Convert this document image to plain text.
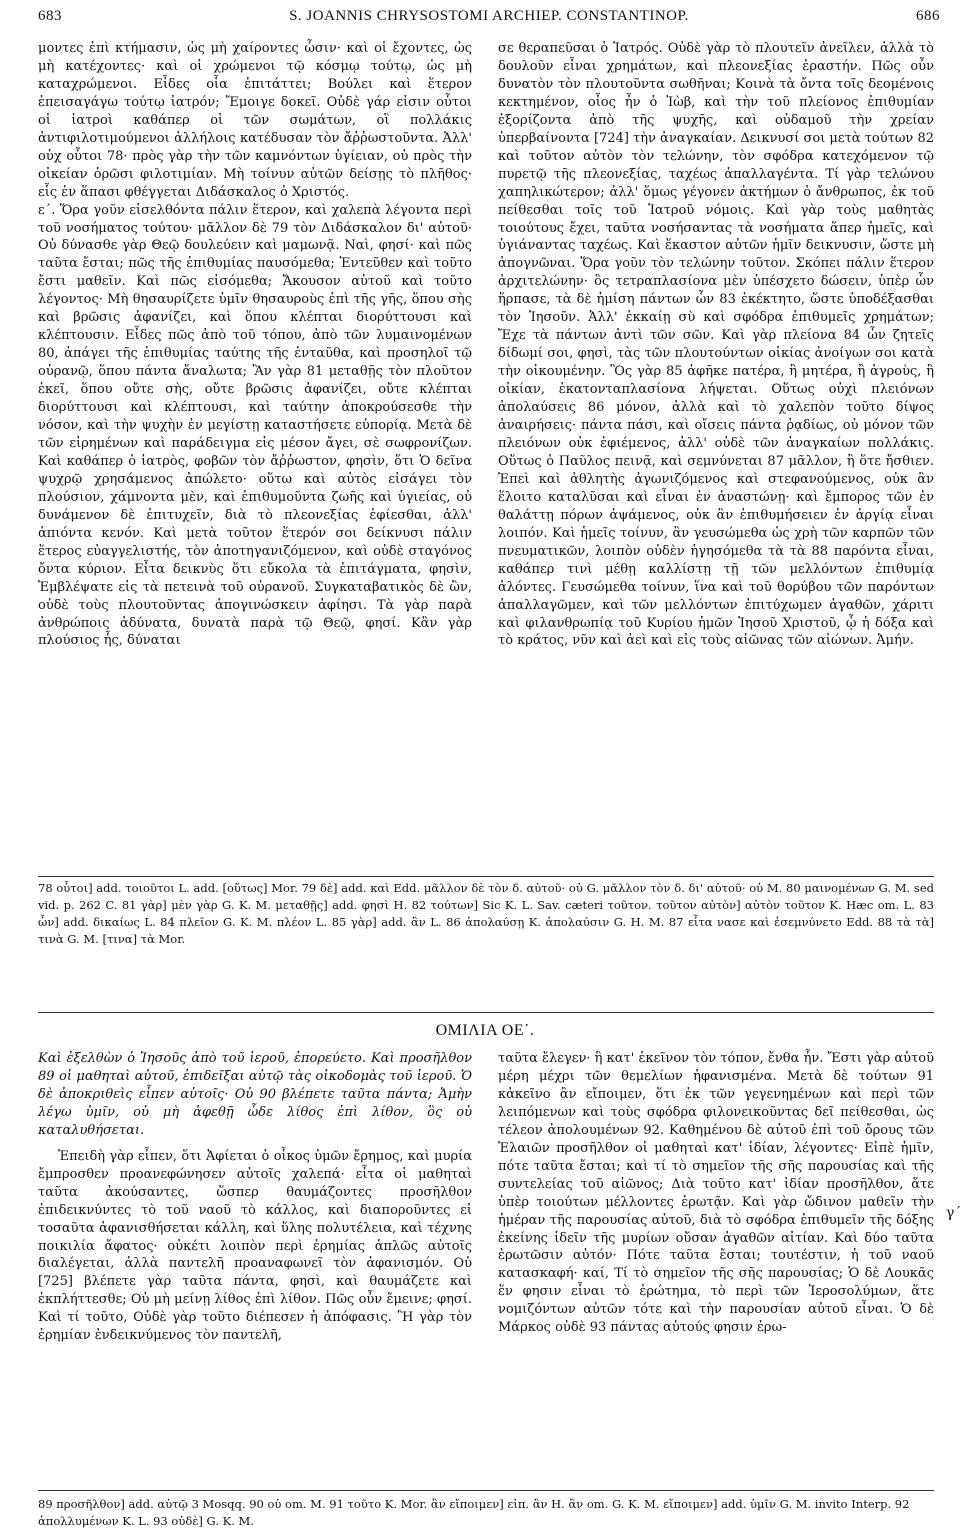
683	S. JOANNIS CHRYSOSTOMI ARCHIEP. CONSTANTINOP.	686

μοντες ἐπὶ κτήμασιν, ὡς μὴ χαίροντες ὦσιν· καὶ οἱ ἔχοντες, ὡς μὴ κατέχοντες· καὶ οἱ χρώμενοι τῷ κόσμῳ τούτῳ, ὡς μὴ καταχρώμενοι. Εἶδες οἷα ἐπιτάττει; Βούλει καὶ ἕτερον ἐπεισαγάγω τούτῳ ἰατρόν; Ἔμοιγε δοκεῖ. Οὐδὲ γάρ εἰσιν οὗτοι οἱ ἰατροὶ καθάπερ οἱ τῶν σωμάτων, οἳ πολλάκις ἀντιφιλοτιμούμενοι ἀλλήλοις κατέδυσαν τὸν ἄῤῥωστοῦντα. Ἀλλ' οὐχ οὗτοι 78· πρὸς γὰρ τὴν τῶν καμνόντων ὑγίειαν, οὐ πρὸς τὴν οἰκείαν ὁρῶσι φιλοτιμίαν. Μὴ τοίνυν αὐτῶν δείσῃς τὸ πλῆθος· εἷς ἐν ἅπασι φθέγγεται Διδάσκαλος ὁ Χριστός.

ε΄. Ὅρα γοῦν εἰσελθόντα πάλιν ἕτερον, καὶ χαλεπὰ λέγοντα περὶ τοῦ νοσήματος τούτου· μᾶλλον δὲ 79 τὸν Διδάσκαλον δι' αὐτοῦ· Οὐ δύνασθε γὰρ Θεῷ δουλεύειν καὶ μαμωνᾷ. Ναὶ, φησί· καὶ πῶς ταῦτα ἔσται; πῶς τῆς ἐπιθυμίας παυσόμεθα; Ἐντεῦθεν καὶ τοῦτο ἔστι μαθεῖν. Καὶ πῶς εἰσόμεθα; Ἄκουσον αὐτοῦ καὶ τοῦτο λέγοντος· Μὴ θησαυρίζετε ὑμῖν θησαυροὺς ἐπὶ τῆς γῆς, ὅπου σὴς καὶ βρῶσις ἀφανίζει, καὶ ὅπου κλέπται διορύττουσι καὶ κλέπτουσιν. Εἶδες πῶς ἀπὸ τοῦ τόπου, ἀπὸ τῶν λυμαινομένων 80, ἀπάγει τῆς ἐπιθυμίας ταύτης τῆς ἐνταῦθα, καὶ προσηλοῖ τῷ οὐρανῷ, ὅπου πάντα ἄναλωτα; Ἂν γὰρ 81 μεταθῇς τὸν πλοῦτον ἐκεῖ, ὅπου οὔτε σὴς, οὔτε βρῶσις ἀφανίζει, οὔτε κλέπται διορύττουσι καὶ κλέπτουσι, καὶ ταύτην ἀποκρούσεσθε τὴν νόσον, καὶ τὴν ψυχὴν ἐν μεγίστῃ καταστήσετε εὐπορίᾳ. Μετὰ δὲ τῶν εἰρημένων καὶ παράδειγμα εἰς μέσον ἄγει, σὲ σωφρονίζων. Καὶ καθάπερ ὁ ἰατρὸς, φοβῶν τὸν ἄῤῥωστον, φησὶν, ὅτι Ὁ δεῖνα ψυχρῷ χρησάμενος ἀπώλετο· οὕτω καὶ αὐτὸς εἰσάγει τὸν πλούσιον, χάμνοντα μὲν, καὶ ἐπιθυμοῦντα ζωῆς καὶ ὑγιείας, οὐ δυνάμενον δὲ ἐπιτυχεῖν, διὰ τὸ πλεονεξίας ἐφίεσθαι, ἀλλ' ἀπιόντα κενόν. Καὶ μετὰ τοῦτον ἕτερόν σοι δείκνυσι πάλιν ἕτερος εὐαγγελιστής, τὸν ἀποτηγανιζόμενον, καὶ οὐδὲ σταγόνος ὄντα κύριον. Εἶτα δεικνὺς ὅτι εὔκολα τὰ ἐπιτάγματα, φησὶν, Ἐμβλέψατε εἰς τὰ πετεινὰ τοῦ οὐρανοῦ. Συγκαταβατικὸς δὲ ὢν, οὐδὲ τοὺς πλουτοῦντας ἀπογινώσκειν ἀφίησι. Τὰ γὰρ παρὰ ἀνθρώποις ἀδύνατα, δυνατὰ παρὰ τῷ Θεῷ, φησί. Κἂν γὰρ πλούσιος ἧς, δύναται

σε θεραπεῦσαι ὁ Ἰατρός. Οὐδὲ γὰρ τὸ πλουτεῖν ἀνεῖλεν, ἀλλὰ τὸ δουλοῦν εἶναι χρημάτων, καὶ πλεονεξίας ἐραστήν. Πῶς οὖν δυνατὸν τὸν πλουτοῦντα σωθῆναι; Κοινὰ τὰ ὄντα τοῖς δεομένοις κεκτημένον, οἷος ἦν ὁ Ἰὼβ, καὶ τὴν τοῦ πλείονος ἐπιθυμίαν ἐξορίζοντα ἀπὸ τῆς ψυχῆς, καὶ οὐδαμοῦ τὴν χρείαν ὑπερβαίνοντα [724] τὴν ἀναγκαίαν. Δεικνυσί σοι μετὰ τούτων 82 καὶ τοῦτον αὐτὸν τὸν τελώνην, τὸν σφόδρα κατεχόμενον τῷ πυρετῷ τῆς πλεονεξίας, ταχέως ἀπαλλαγέντα. Τί γὰρ τελώνου χαπηλικώτερον; ἀλλ' ὅμως γέγονεν ἀκτήμων ὁ ἄνθρωπος, ἐκ τοῦ πείθεσθαι τοῖς τοῦ Ἰατροῦ νόμοις. Καὶ γὰρ τοὺς μαθητὰς τοιούτους ἔχει, ταῦτα νοσήσαντας τὰ νοσήματα ἅπερ ἡμεῖς, καὶ ὑγιάναντας ταχέως. Καὶ ἕκαστον αὐτῶν ἡμῖν δεικνυσιν, ὥστε μὴ ἀπογνῶναι. Ὅρα γοῦν τὸν τελώνην τοῦτον. Σκόπει πάλιν ἕτερον ἀρχιτελώνην· ὃς τετραπλασίονα μὲν ὑπέσχετο δώσειν, ὑπὲρ ὧν ἥρπασε, τὰ δὲ ἡμίση πάντων ὧν 83 ἐκέκτητο, ὥστε ὑποδέξασθαι τὸν Ἰησοῦν. Ἀλλ' ἐκκαίῃ σὺ καὶ σφόδρα ἐπιθυμεῖς χρημάτων; Ἔχε τὰ πάντων ἀντὶ τῶν σῶν. Καὶ γὰρ πλείονα 84 ὧν ζητεῖς δίδωμί σοι, φησὶ, τὰς τῶν πλουτούντων οἰκίας ἀνοίγων σοι κατὰ τὴν οἰκουμένην. Ὃς γὰρ 85 ἀφῆκε πατέρα, ἢ μητέρα, ἢ ἀγροὺς, ἢ οἰκίαν, ἑκατονταπλασίονα λήψεται. Οὕτως οὐχὶ πλειόνων ἀπολαύσεις 86 μόνον, ἀλλὰ καὶ τὸ χαλεπὸν τοῦτο δίψος ἀναιρήσεις· πάντα πάσι, καὶ οἴσεις πάντα ῥᾳδίως, οὐ μόνον τῶν πλειόνων οὐκ ἐφιέμενος, ἀλλ' οὐδὲ τῶν ἀναγκαίων πολλάκις. Οὕτως ὁ Παῦλος πεινᾷ, καὶ σεμνύνεται 87 μᾶλλον, ἢ ὅτε ἤσθιεν. Ἐπεὶ καὶ ἀθλητὴς ἀγωνιζόμενος καὶ στεφανούμενος, οὐκ ἂν ἕλοιτο καταλῦσαι καὶ εἶναι ἐν ἀναστώνῃ· καὶ ἔμπορος τῶν ἐν θαλάττῃ πόρων ἀψάμενος, οὐκ ἂν ἐπιθυμήσειεν ἐν ἀργίᾳ εἶναι λοιπόν. Καὶ ἡμεῖς τοίνυν, ἂν γευσώμεθα ὡς χρὴ τῶν καρπῶν τῶν πνευματικῶν, λοιπὸν οὐδὲν ἡγησόμεθα τὰ τὰ 88 παρόντα εἶναι, καθάπερ τινὶ μέθῃ καλλίστῃ τῇ τῶν μελλόντων ἐπιθυμίᾳ ἁλόντες. Γευσώμεθα τοίνυν, ἵνα καὶ τοῦ θορύβου τῶν παρόντων ἀπαλλαγῶμεν, καὶ τῶν μελλόντων ἐπιτύχωμεν ἀγαθῶν, χάριτι καὶ φιλανθρωπίᾳ τοῦ Κυρίου ἡμῶν Ἰησοῦ Χριστοῦ, ᾧ ἡ δόξα καὶ τὸ κράτος, νῦν καὶ ἀεὶ καὶ εἰς τοὺς αἰῶνας τῶν αἰώνων. Ἀμήν.

78 οὗτοι] add. τοιοῦτοι L. add. [οὕτως] Mor. 79 δὲ] add. καὶ Edd. μᾶλλον δὲ τὸν δ. αὐτοῦ· οὐ G. μᾶλλον τὸν δ. δι' αὐτοῦ· οὐ M. 80 μαινομένων G. M. sed vid. p. 262 C. 81 γὰρ] μὲν γὰρ G. K. M. μεταθῇς] add. φησὶ H. 82 τούτων] Sic K. L. Sav. cæteri τοῦτον. τοῦτον αὐτὸν] αὐτὸν τοῦτον K. Hæc om. L. 83 ὧν] add. δικαίως L. 84 πλεῖον G. K. M. πλέον L. 85 γὰρ] add. ἂν L. 86 ἀπολαύσῃ K. ἀπολαύσιν G. H. M. 87 εἶτα νασε καὶ ἐσεμνύνετο Edd. 88 τὰ τὰ] τινὰ G. M. [τινα] τὰ Mor.
ΟΜΙΛΙΑ ΟΕ΄.

Καὶ ἐξελθὼν ὁ Ἰησοῦς ἀπὸ τοῦ ἱεροῦ, ἐπορεύετο. Καὶ προσῆλθον 89 οἱ μαθηταὶ αὐτοῦ, ἐπιδεῖξαι αὐτῷ τὰς οἰκοδομὰς τοῦ ἱεροῦ. Ὁ δὲ ἀποκριθεὶς εἶπεν αὐτοῖς· Οὐ 90 βλέπετε ταῦτα πάντα; Ἀμὴν λέγω ὑμῖν, οὐ μὴ ἀφεθῇ ὧδε λίθος ἐπὶ λίθον, ὃς οὐ καταλυθήσεται.

Ἐπειδὴ γὰρ εἶπεν, ὅτι Ἀφίεται ὁ οἶκος ὑμῶν ἔρημος, καὶ μυρία ἔμπροσθεν προανεφώνησεν αὐτοῖς χαλεπά· εἶτα οἱ μαθηταὶ ταῦτα ἀκούσαντες, ὥσπερ θαυμάζοντες προσῆλθον ἐπιδεικνύντες τὸ τοῦ ναοῦ τὸ κάλλος, καὶ διαποροῦντες εἰ τοσαῦτα ἀφανισθήσεται κάλλη, καὶ ὕλης πολυτέλεια, καὶ τέχνης ποικιλία ἄφατος· οὐκέτι λοιπὸν περὶ ἐρημίας ἁπλῶς αὐτοῖς διαλέγεται, ἀλλὰ παντελῆ προαναφωνεῖ τὸν ἀφανισμόν. Οὐ [725] βλέπετε γὰρ ταῦτα πάντα, φησὶ, καὶ θαυμάζετε καὶ ἐκπλήττεσθε; Οὐ μὴ μείνῃ λίθος ἐπὶ λίθον. Πῶς οὖν ἔμεινε; φησί. Καὶ τί τοῦτο, Οὐδὲ γὰρ τοῦτο διέπεσεν ἡ ἀπόφασις. Ἢ γὰρ τὸν ἐρημίαν ἐνδεικνύμενος τὸν παντελῆ,

ταῦτα ἔλεγεν· ἢ κατ' ἐκεῖνον τὸν τόπον, ἔνθα ἦν. Ἔστι γὰρ αὐτοῦ μέρη μέχρι τῶν θεμελίων ἠφανισμένα. Μετὰ δὲ τούτων 91 κἀκεῖνο ἂν εἴποιμεν, ὅτι ἐκ τῶν γεγενημένων καὶ περὶ τῶν λειπόμενων καὶ τοὺς σφόδρα φιλονεικοῦντας δεῖ πείθεσθαι, ὡς τέλεον ἀπολουμένων 92. Καθημένου δὲ αὐτοῦ ἐπὶ τοῦ ὄρους τῶν Ἐλαιῶν προσῆλθον οἱ μαθηταὶ κατ' ἰδίαν, λέγοντες· Εἰπὲ ἡμῖν, πότε ταῦτα ἔσται; καὶ τί τὸ σημεῖον τῆς σῆς παρουσίας καὶ τῆς συντελείας τοῦ αἰῶνος; Διὰ τοῦτο κατ' ἰδίαν προσῆλθον, ἅτε ὑπὲρ τοιούτων μέλλοντες ἐρωτᾷν. Καὶ γὰρ ὤδινον μαθεῖν τὴν ἡμέραν τῆς παρουσίας αὐτοῦ, διὰ τὸ σφόδρα ἐπιθυμεῖν τῆς δόξης ἐκείνης ἰδεῖν τῆς μυρίων οὔσαν ἀγαθῶν αἰτίαν. Καὶ δύο ταῦτα ἐρωτῶσιν αὐτόν· Πότε ταῦτα ἔσται; τουτέστιν, ἡ τοῦ ναοῦ κατασκαφή· καί, Τί τὸ σημεῖον τῆς σῆς παρουσίας; Ὁ δὲ Λουκᾶς ἕν φησιν εἶναι τὸ ἐρώτημα, τὸ περὶ τῶν Ἱεροσολύμων, ἅτε νομιζόντων αὐτῶν τότε καὶ τὴν παρουσίαν αὐτοῦ εἶναι. Ὁ δὲ Μάρκος οὐδὲ 93 πάντας αὐτούς φησιν ἐρω-

γ΄
89 προσῆλθον] add. αὐτῷ 3 Mosqq. 90 οὐ om. M. 91 τοῦτο K. Mor. ἂν εἴποιμεν] εἰπ. ἂν H. ἂν om. G. K. M. εἴποιμεν] add. ὑμῖν G. M. invito Interp. 92 ἀπολλυμένων K. L. 93 οὐδὲ] G. K. M.
